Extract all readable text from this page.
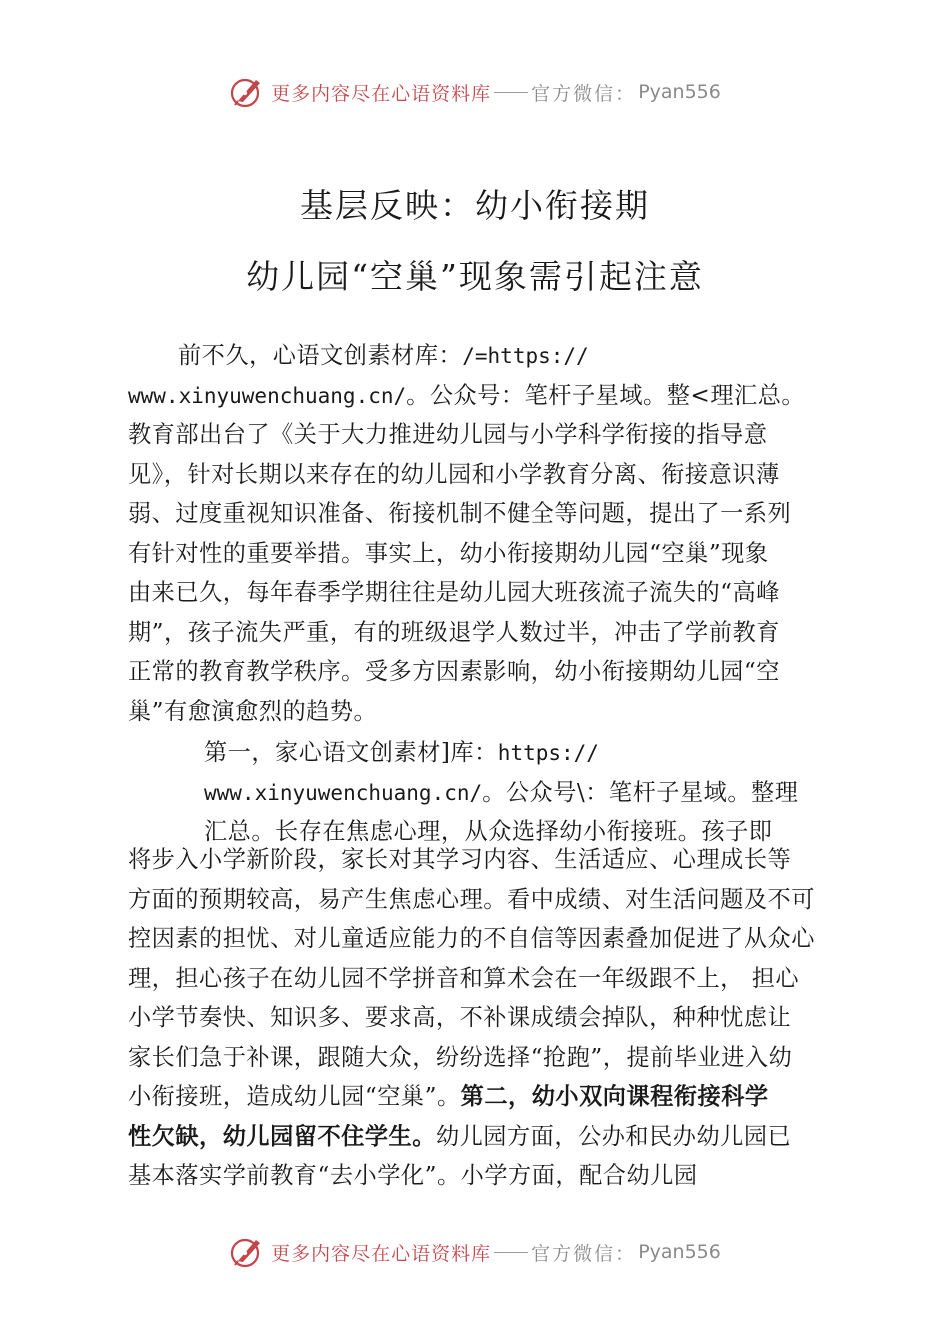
更多内容尽在心语资料库 官方微信： Pyan556
基层反映：幼小衔接期
幼儿园“空巢”现象需引起注意
前不久，心语文创素材库：/=https://
www.xinyuwenchuang.cn/。公众号：笔杆子星域。整<理汇总。
教育部出台了《关于大力推进幼儿园与小学科学衔接的指导意
见》，针对长期以来存在的幼儿园和小学教育分离、衔接意识薄
弱、过度重视知识准备、衔接机制不健全等问题，提出了一系列
有针对性的重要举措。事实上，幼小衔接期幼儿园“空巢”现象
由来已久，每年春季学期往往是幼儿园大班孩流子流失的“高峰
期”，孩子流失严重，有的班级退学人数过半，冲击了学前教育
正常的教育教学秩序。受多方因素影响，幼小衔接期幼儿园“空
巢”有愈演愈烈的趋势。
第一，家心语文创素材]库：https://
www.xinyuwenchuang.cn/。公众号\：笔杆子星域。整理
汇总。长存在焦虑心理，从众选择幼小衔接班。孩子即
将步入小学新阶段，家长对其学习内容、生活适应、心理成长等
方面的预期较高，易产生焦虑心理。看中成绩、对生活问题及不可
控因素的担忧、对儿童适应能力的不自信等因素叠加促进了从众心
理，担心孩子在幼儿园不学拼音和算术会在一年级跟不上， 担心
小学节奏快、知识多、要求高，不补课成绩会掉队，种种忧虑让
家长们急于补课，跟随大众，纷纷选择“抢跑”，提前毕业进入幼
小衔接班，造成幼儿园“空巢”。第二，幼小双向课程衔接科学
性欠缺，幼儿园留不住学生。幼儿园方面，公办和民办幼儿园已
基本落实学前教育“去小学化”。小学方面，配合幼儿园
更多内容尽在心语资料库 官方微信： Pyan556
